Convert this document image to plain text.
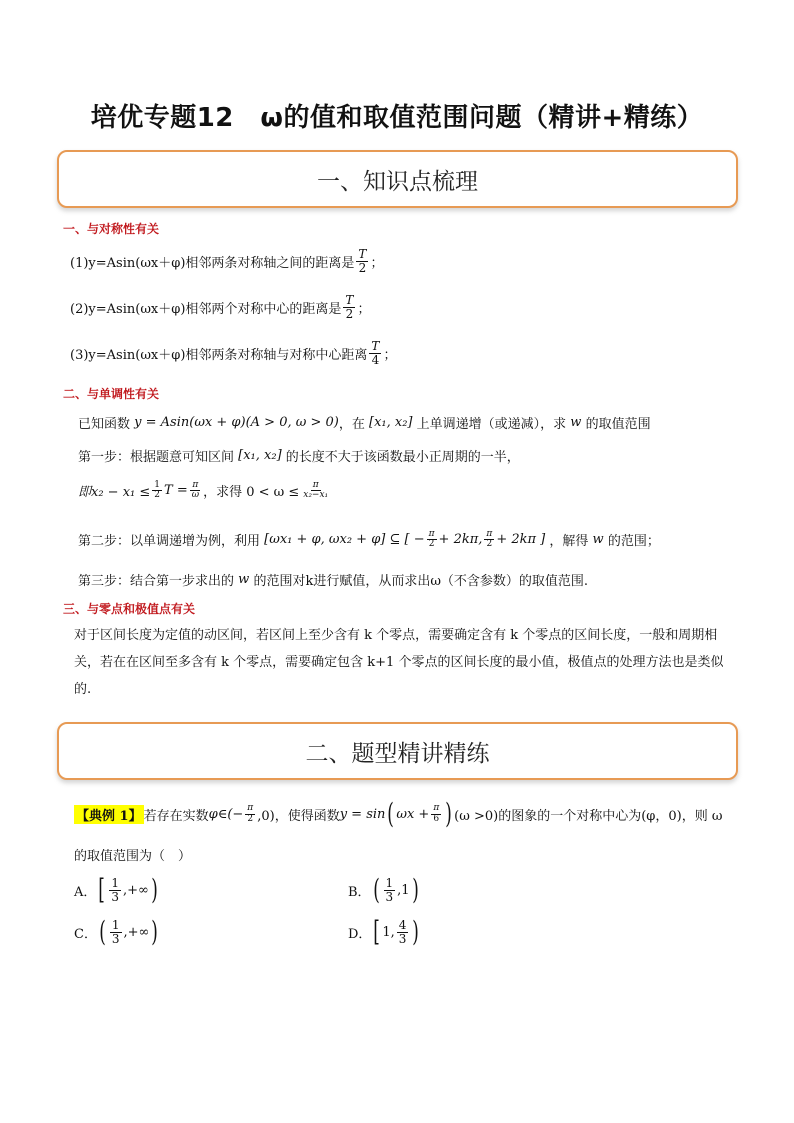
培优专题12　ω的值和取值范围问题（精讲+精练）
一、知识点梳理
一、与对称性有关
(1)y=Asin(ωx＋φ)相邻两条对称轴之间的距离是 $\frac{T}{2}$ ；
(2)y=Asin(ωx＋φ)相邻两个对称中心的距离是 $\frac{T}{2}$ ；
(3)y=Asin(ωx＋φ)相邻两条对称轴与对称中心距离 $\frac{T}{4}$ ；
二、与单调性有关
已知函数
y = Asin(ωx + φ)(A > 0, ω > 0) ，在
[x₁, x₂]
上单调递增（或递减），求
w
的取值范围
第一步：根据题意可知区间
[x₁, x₂]
的长度不大于该函数最小正周期的一半，
即$x_2 - x_1 \le \frac{1}{2}$ $T = \frac{\pi}{\omega}$ ，求得 $0 < \omega \le \frac{\pi}{\text{x₂−x₁}}$
第二步：以单调递增为例，利用
[ωx₁ + φ, ωx₂ + φ] ⊆ [ − $\frac{\pi}{2} + 2k\pi$, $\frac{\pi}{2} + 2k\pi$ ]
，解得
w
的范围；
第三步：结合第一步求出的
w
的范围对k进行赋值，从而求出ω（不含参数）的取值范围.
三、与零点和极值点有关
对于区间长度为定值的动区间，若区间上至少含有 k 个零点，需要确定含有 k 个零点的区间长度，一般和周期相关，若在在区间至多含有 k 个零点，需要确定包含 k+1 个零点的区间长度的最小值，极值点的处理方法也是类似的.
二、题型精讲精练
【典例 1】 若存在实数 φ∈(− $\frac{\pi}{2} ,0$)，使得函数 y = sin ( $\omega x + \frac{\pi}{6}$ ) (ω >0)的图象的一个对称中心为(φ，0)，则 ω
的取值范围为（　）
A． [ $\frac{1}{3}$ ,+∞ )	B． ( $\frac{1}{3} ,1$ )
C． ( $\frac{1}{3}$ ,+∞ )	D． [ 1, $\frac{4}{3}$ )
